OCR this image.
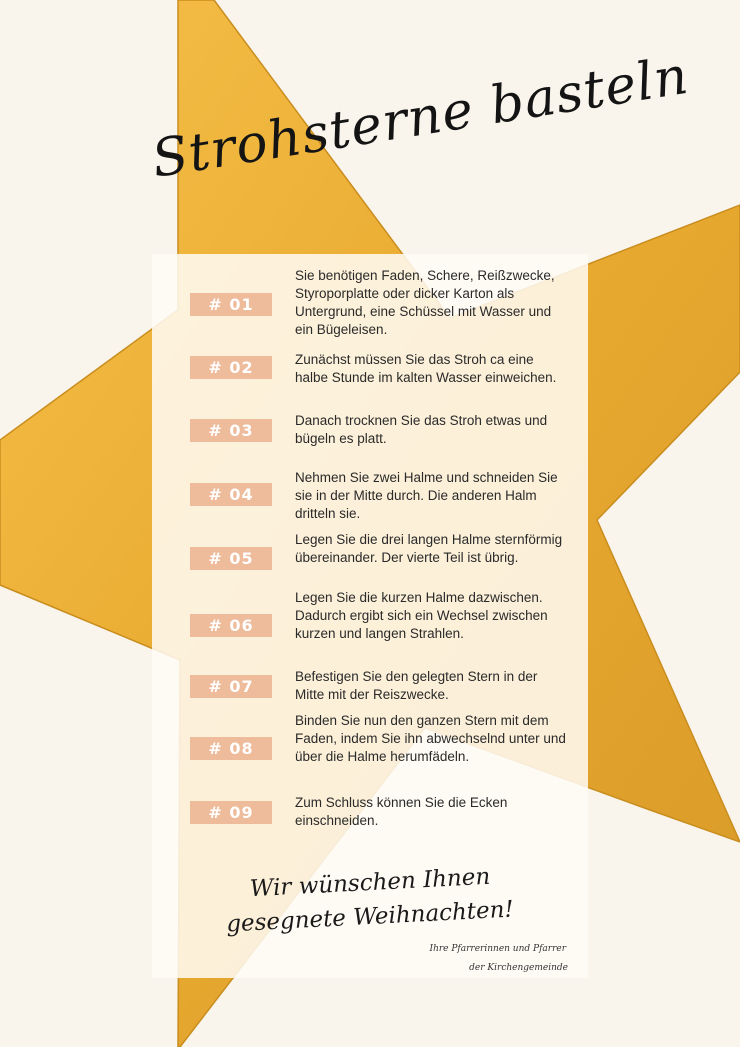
Strohsterne basteln
# 01
Sie benötigen Faden, Schere, Reißzwecke, Styroporplatte oder dicker Karton als Untergrund, eine Schüssel mit Wasser und ein Bügeleisen.
# 02	Zunächst müssen Sie das Stroh ca eine halbe Stunde im kalten Wasser einweichen.
# 03
Danach trocknen Sie das Stroh etwas und bügeln es platt.
# 04
Nehmen Sie zwei Halme und schneiden Sie sie in der Mitte durch. Die anderen Halm dritteln sie.
# 05
Legen Sie die drei langen Halme sternförmig übereinander. Der vierte Teil ist übrig.
# 06
Legen Sie die kurzen Halme dazwischen. Dadurch ergibt sich ein Wechsel zwischen kurzen und langen Strahlen.
# 07
Befestigen Sie den gelegten Stern in der Mitte mit der Reiszwecke.
# 08
Binden Sie nun den ganzen Stern mit dem Faden, indem Sie ihn abwechselnd unter und über die Halme herumfädeln.
# 09
Zum Schluss können Sie die Ecken einschneiden.
Wir wünschen Ihnen
gesegnete Weihnachten!
Ihre Pfarrerinnen und Pfarrer
der Kirchengemeinde
